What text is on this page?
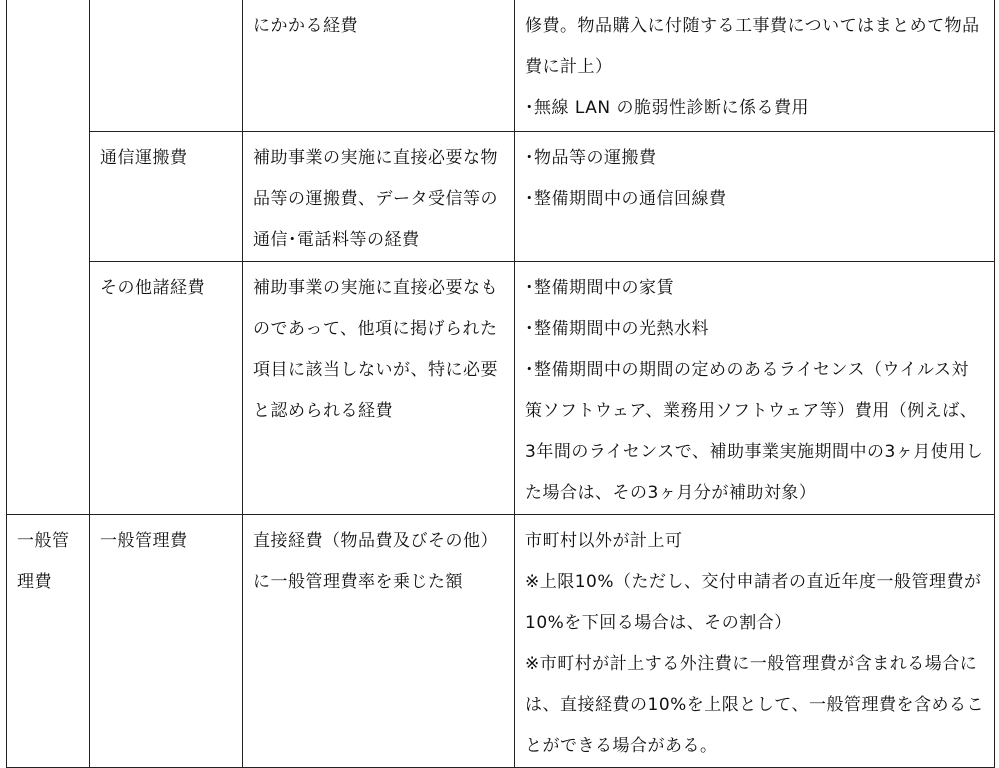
		にかかる経費	修費。物品購入に付随する工事費についてはまとめて物品費に計上）
･無線 LAN の脆弱性診断に係る費用

	通信運搬費	補助事業の実施に直接必要な物品等の運搬費、データ受信等の通信･電話料等の経費	･物品等の運搬費
･整備期間中の通信回線費

	その他諸経費	補助事業の実施に直接必要なものであって、他項に掲げられた項目に該当しないが、特に必要と認められる経費	･整備期間中の家賃
･整備期間中の光熱水料
･整備期間中の期間の定めのあるライセンス（ウイルス対策ソフトウェア、業務用ソフトウェア等）費用（例えば、3年間のライセンスで、補助事業実施期間中の3ヶ月使用した場合は、その3ヶ月分が補助対象）

一般管理費	一般管理費	直接経費（物品費及びその他）に一般管理費率を乗じた額	市町村以外が計上可
※上限10%（ただし、交付申請者の直近年度一般管理費が10%を下回る場合は、その割合）
※市町村が計上する外注費に一般管理費が含まれる場合には、直接経費の10%を上限として、一般管理費を含めることができる場合がある。
